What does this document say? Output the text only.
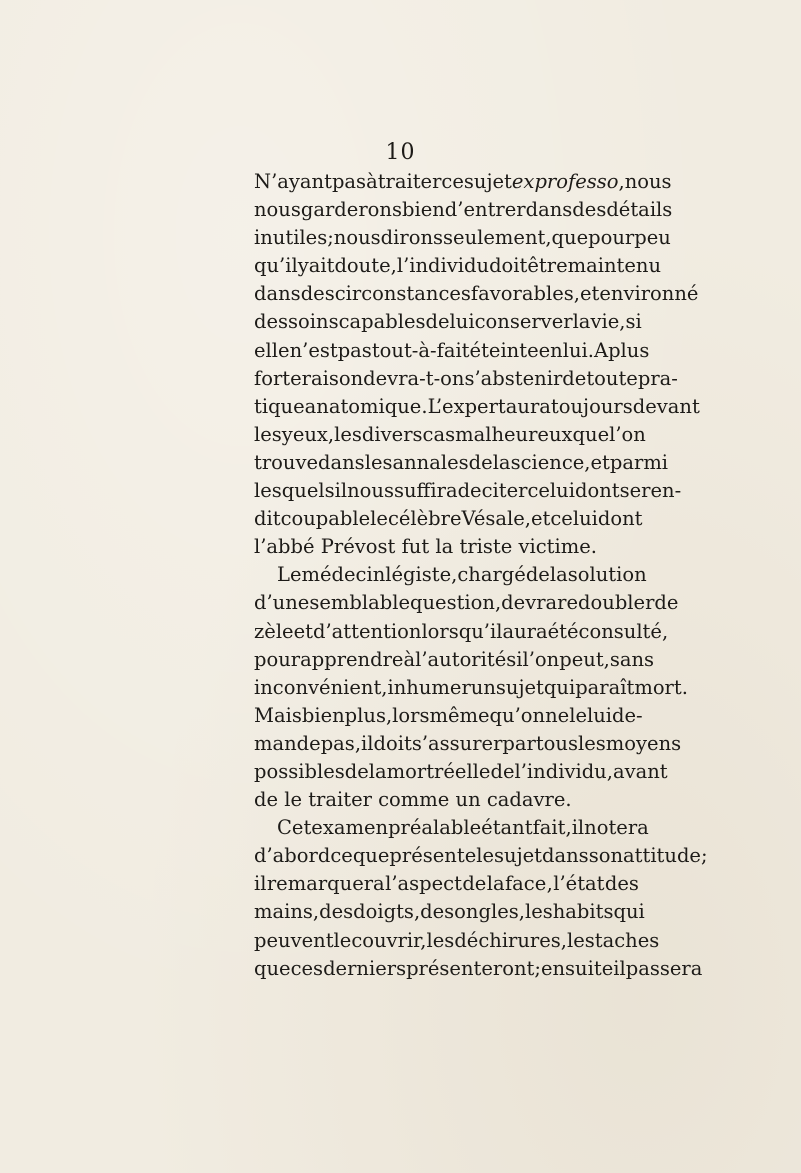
10
N’ayant pas à traiter ce sujet ex professo , nous
nous garderons bien d’entrer dans des détails
inutiles ; nous dirons seulement , que pour peu
qu’il y ait doute , l’individu doit être maintenu
dans des circonstances favorables , et environné
des soins capables de lui conserver la vie , si
elle n’est pas tout-à-fait éteinte en lui. A plus
forte raison devra-t-on s’abstenir de toute pra-
tique anatomique. L’expert aura toujours devant
les yeux , les divers cas malheureux que l’on
trouve dans les annales de la science , et parmi
lesquels il nous suffira de citer celui dont se ren-
dit coupable le célèbre Vésale , et celui dont
l’abbé
Prévost
fut
la
triste
victime.
Le médecin légiste , chargé de la solution
d’une semblable question , devra redoubler de
zèle et d’attention lorsqu’il aura été consulté ,
pour apprendre à l’autorité si l’on peut , sans
inconvénient, inhumer un sujet qui paraît mort.
Mais bien plus , lors même qu’on ne le lui de-
mande pas , il doit s’assurer par tous les moyens
possibles de la mort réelle de l’individu , avant
de
le
traiter
comme
un
cadavre.
Cet examen préalable étant fait, il notera
d’abord ce que présente le sujet dans son attitude ;
il remarquera l’aspect de la face , l’état des
mains, des doigts, des ongles , les habits qui
peuvent le couvrir, les déchirures, les taches
que ces derniers présenteront ; ensuite il passera
